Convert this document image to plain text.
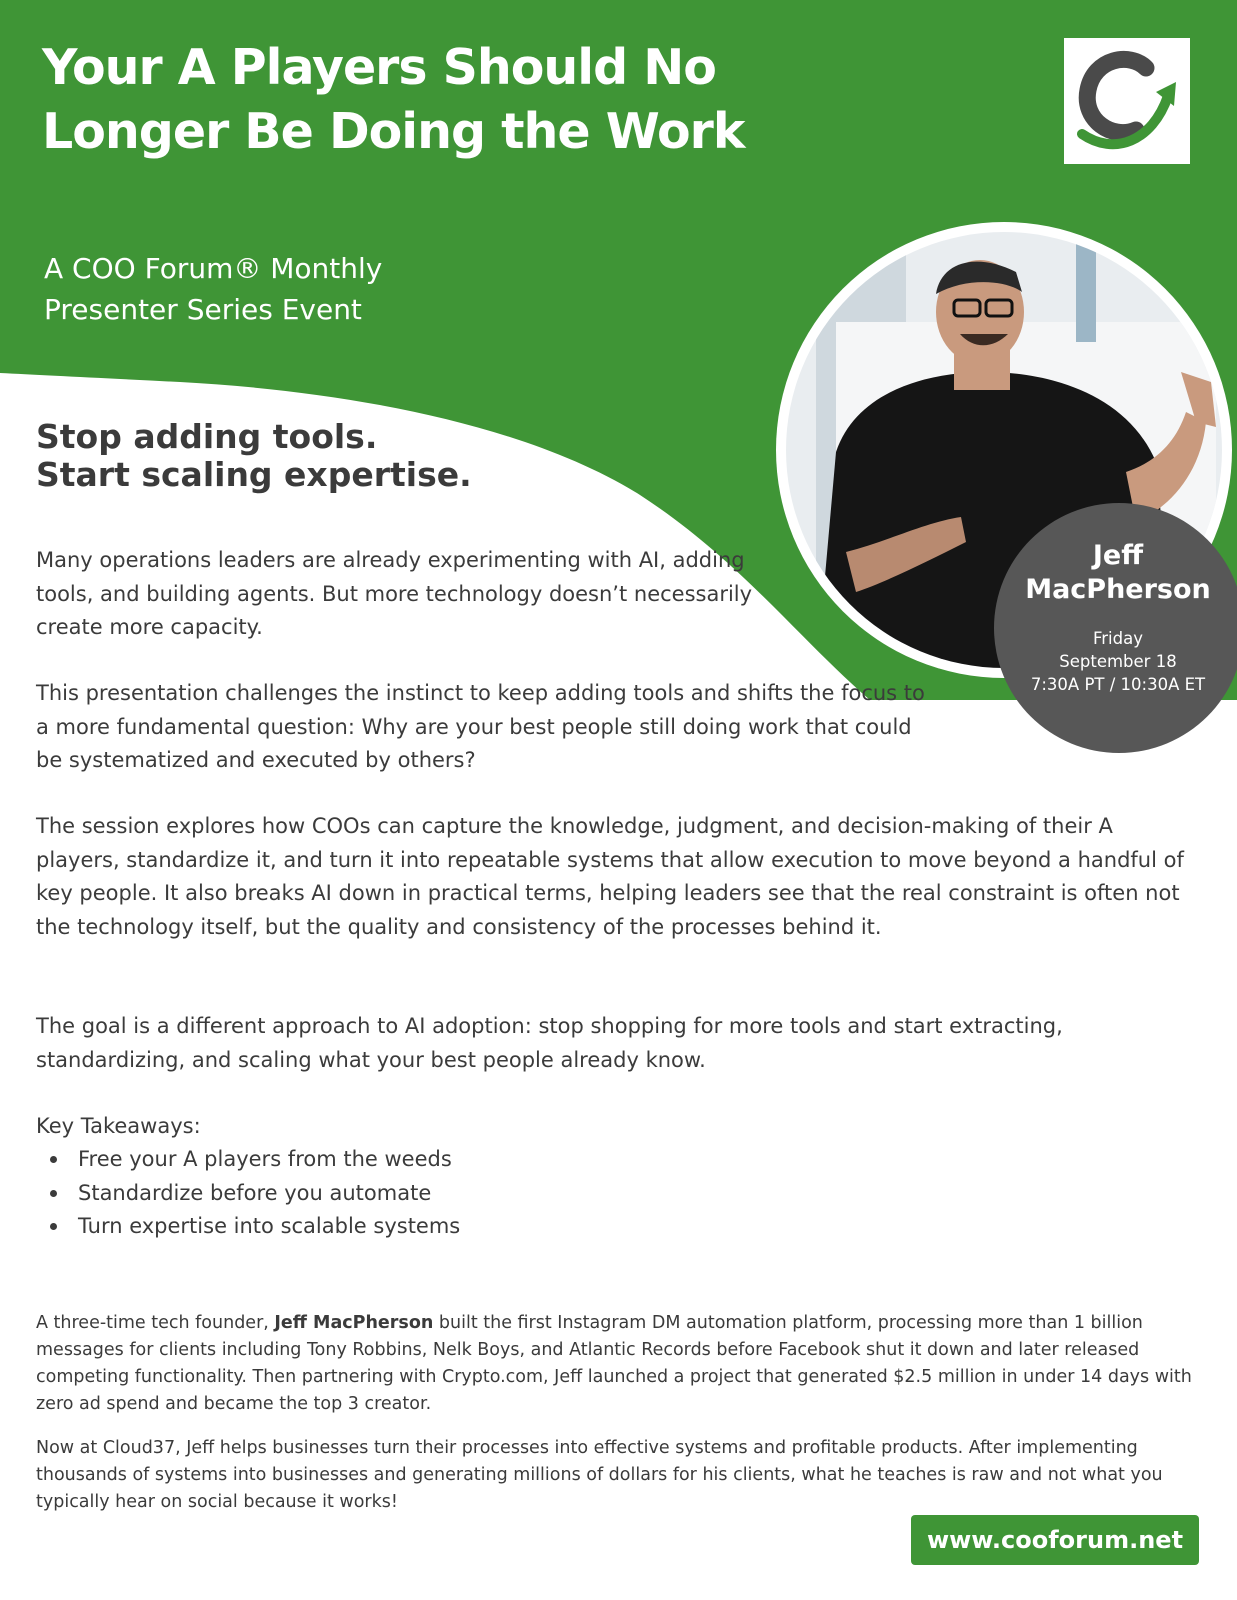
Your A Players Should No Longer Be Doing the Work

A COO Forum® Monthly Presenter Series Event

Jeff MacPherson

Friday
September 18
7:30A PT / 10:30A ET
Stop adding tools.
Start scaling expertise.

Many operations leaders are already experimenting with AI, adding tools, and building agents. But more technology doesn’t necessarily create more capacity.

This presentation challenges the instinct to keep adding tools and shifts the focus to a more fundamental question: Why are your best people still doing work that could be systematized and executed by others?

The session explores how COOs can capture the knowledge, judgment, and decision-making of their A players, standardize it, and turn it into repeatable systems that allow execution to move beyond a handful of key people. It also breaks AI down in practical terms, helping leaders see that the real constraint is often not the technology itself, but the quality and consistency of the processes behind it.

The goal is a different approach to AI adoption: stop shopping for more tools and start extracting, standardizing, and scaling what your best people already know.

Key Takeaways:

Free your A players from the weeds
Standardize before you automate
Turn expertise into scalable systems

A three-time tech founder, Jeff MacPherson built the first Instagram DM automation platform, processing more than 1 billion messages for clients including Tony Robbins, Nelk Boys, and Atlantic Records before Facebook shut it down and later released competing functionality. Then partnering with Crypto.com, Jeff launched a project that generated $2.5 million in under 14 days with zero ad spend and became the top 3 creator.

Now at Cloud37, Jeff helps businesses turn their processes into effective systems and profitable products. After implementing thousands of systems into businesses and generating millions of dollars for his clients, what he teaches is raw and not what you typically hear on social because it works!

www.cooforum.net
